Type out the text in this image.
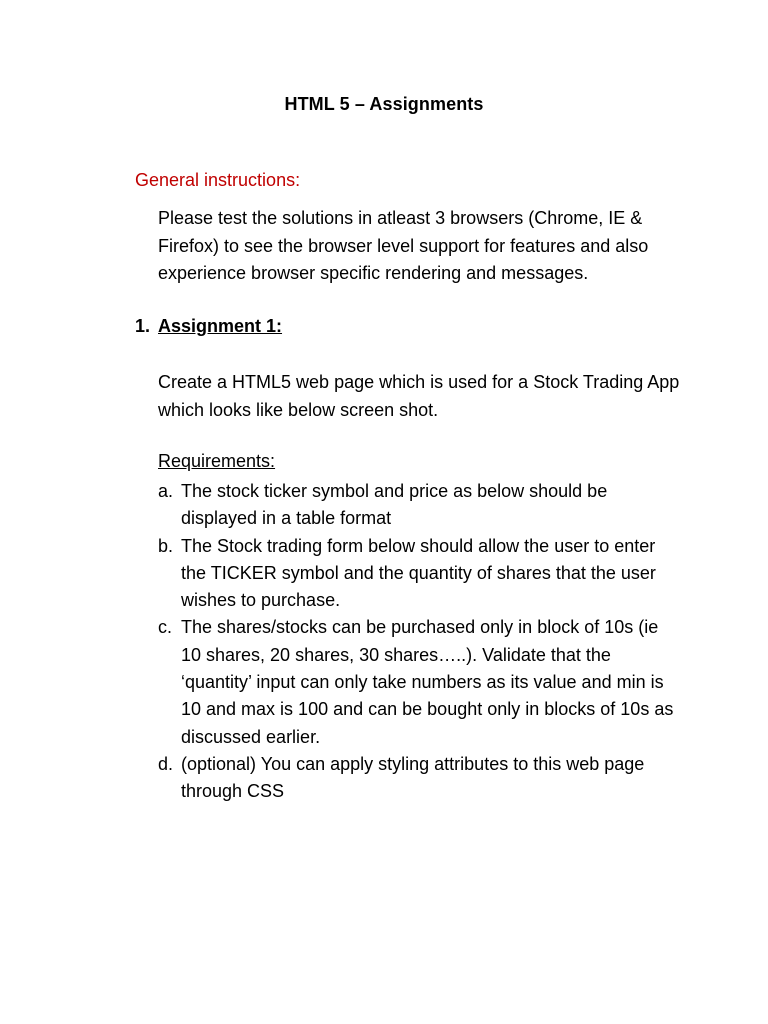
HTML 5 – Assignments
General instructions:
Please test the solutions in atleast 3 browsers (Chrome, IE & Firefox) to see the browser level support for features and also experience browser specific rendering and messages.
1. Assignment 1:
Create a HTML5 web page which is used for a Stock Trading App which looks like below screen shot.
Requirements:
a. The stock ticker symbol and price as below should be displayed in a table format
b. The Stock trading form below should allow the user to enter the TICKER symbol and the quantity of shares that the user wishes to purchase.
c. The shares/stocks can be purchased only in block of 10s (ie 10 shares, 20 shares, 30 shares…..). Validate that the ‘quantity’ input can only take numbers as its value and min is 10 and max is 100 and can be bought only in blocks of 10s as discussed earlier.
d. (optional) You can apply styling attributes to this web page through CSS
